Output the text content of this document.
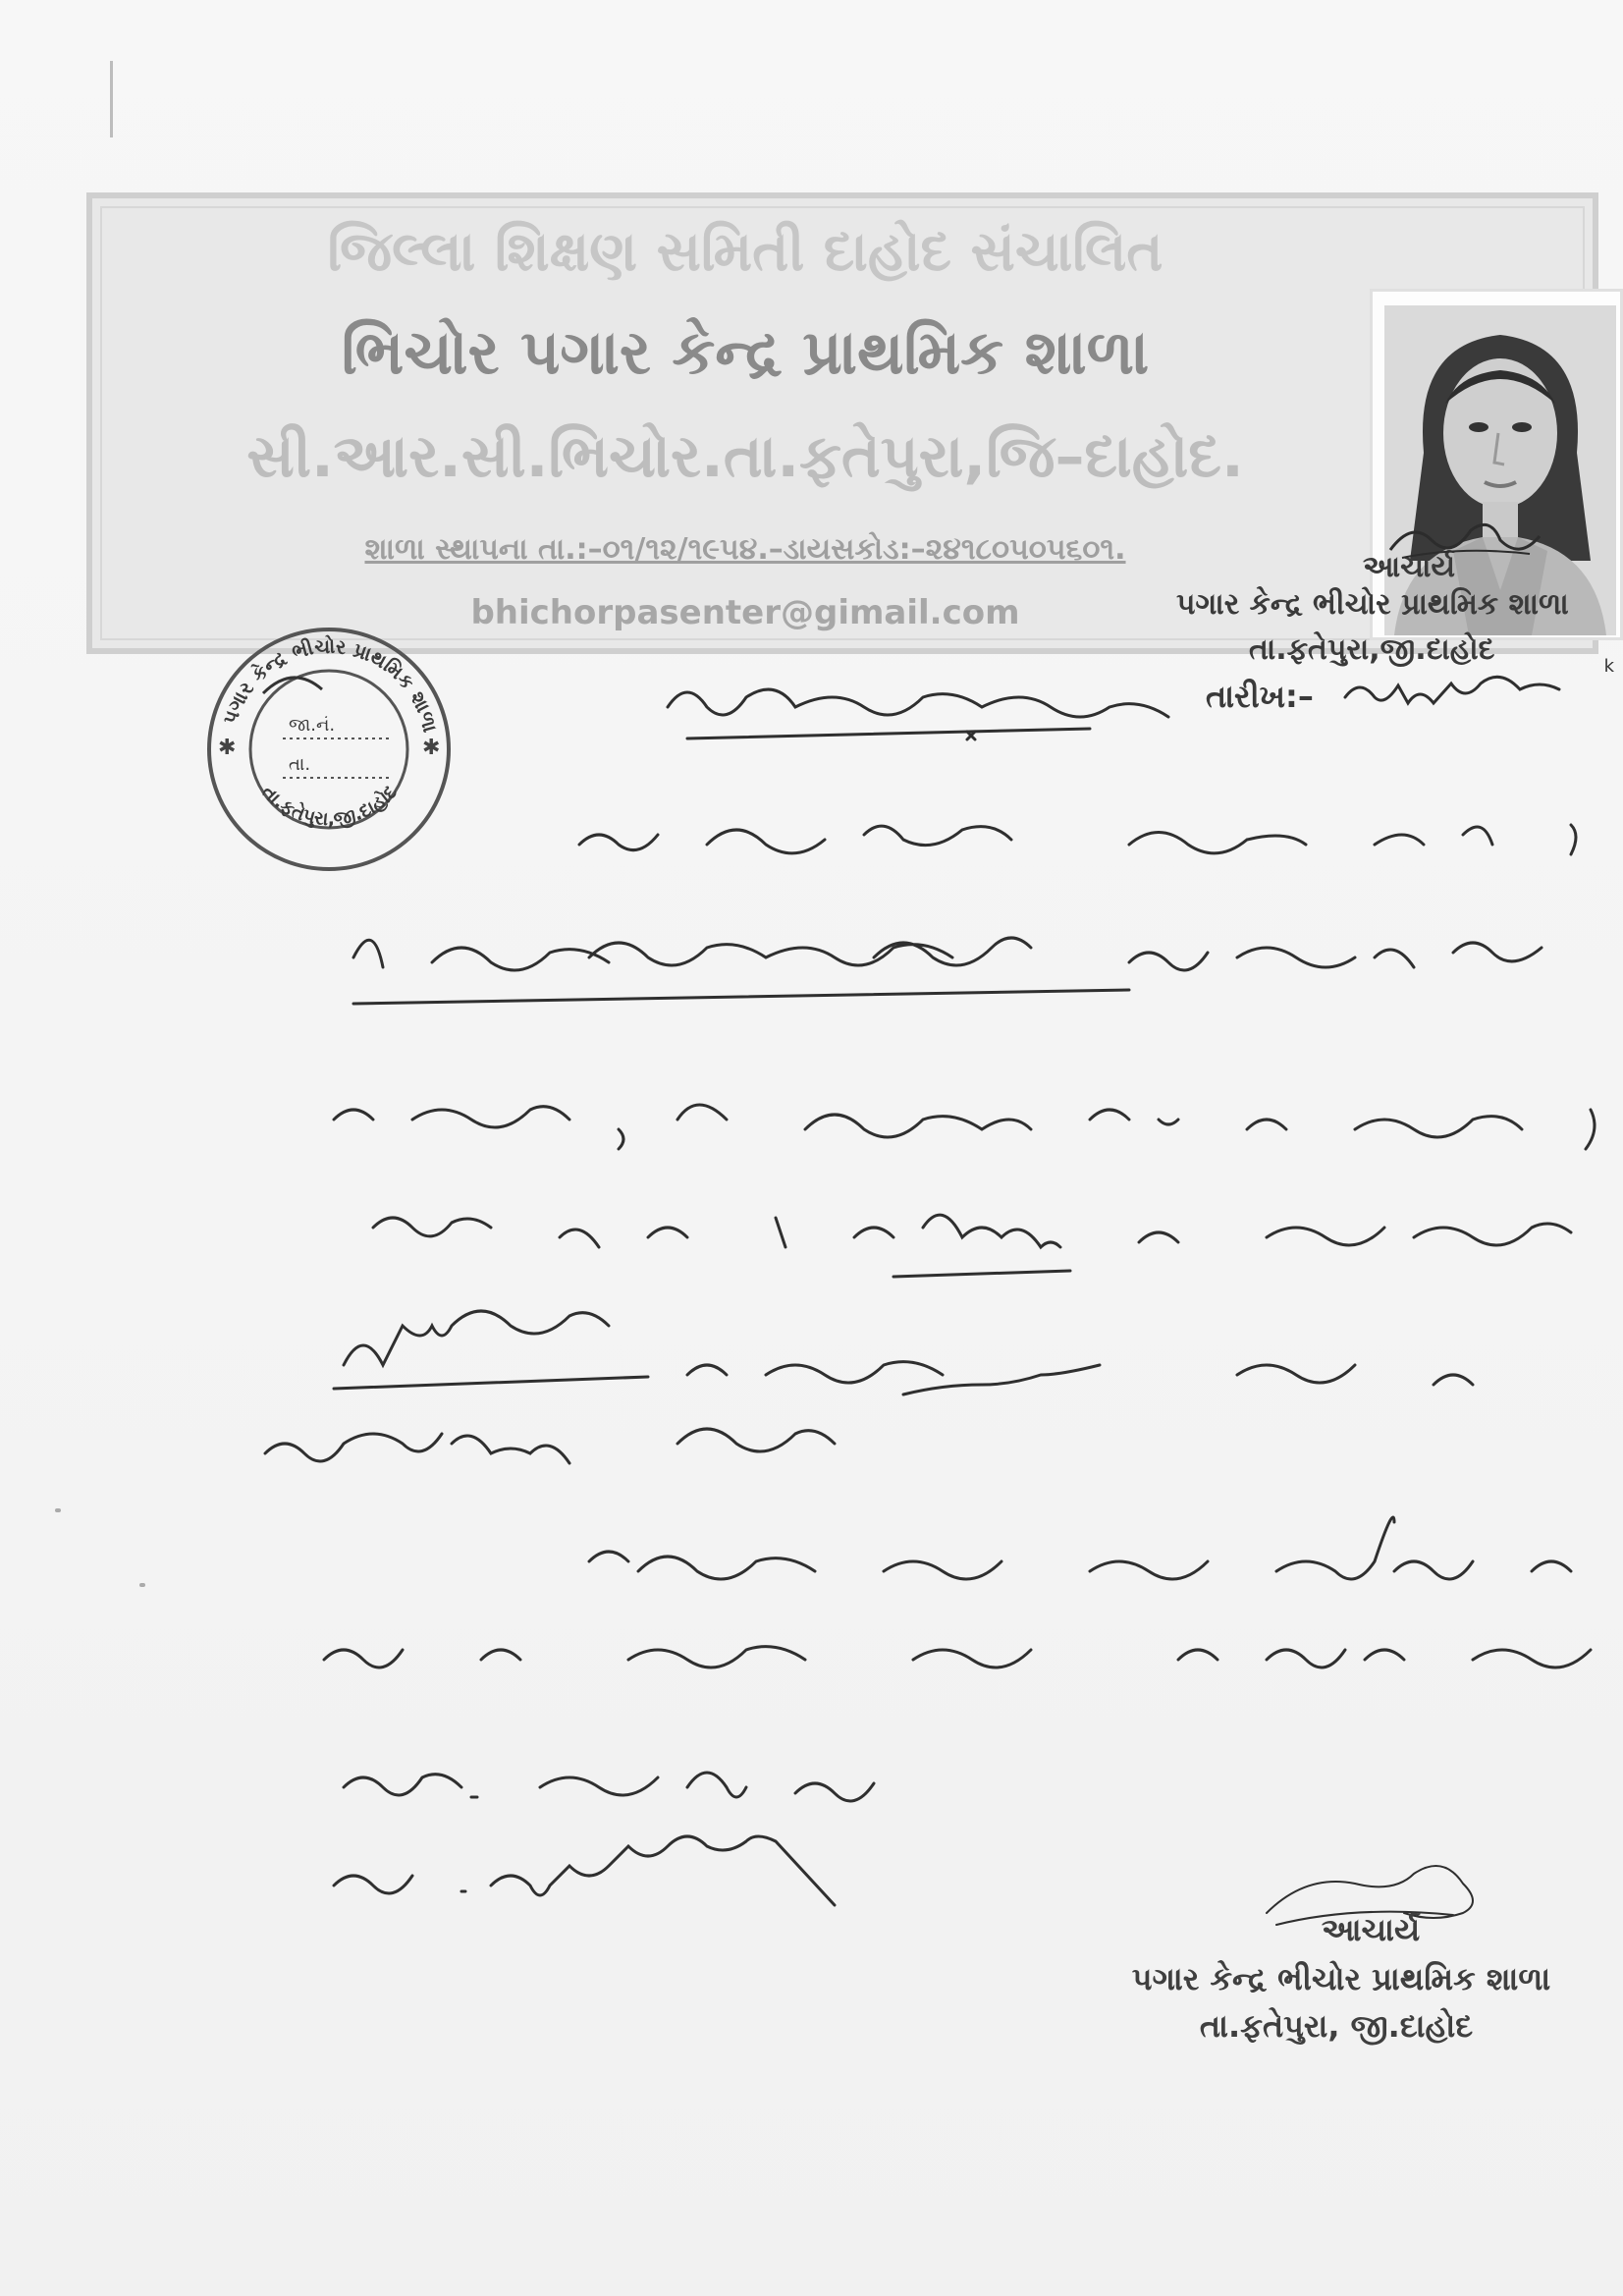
જિલ્લા શિક્ષણ સમિતી દાહોદ સંચાલિત
ભિચોર પગાર કેન્દ્ર પ્રાથમિક શાળા
સી.આર.સી.ભિચોર.તા.ફતેપુરા,જિ–દાહોદ.
શાળા સ્થાપના તા.:–૦૧/૧૨/૧૯૫૪.–ડાયસકોડ:–૨૪૧૮૦૫૦૫૬૦૧.
bhichorpasenter@gimail.com
k
આચાર્ય
પગાર કેન્દ્ર ભીચોર પ્રાથમિક શાળા
તા.ફતેપુરા,જી.દાહોદ
પગાર કેન્દ્ર ભીચોર પ્રાથમિક શાળા
તા.ફતેપુરા,જી.દાહોદ
જા.નં.
તા.
✱	✱
તારીખ:–
આચાર્ય
પગાર કેન્દ્ર ભીચોર પ્રાથમિક શાળા
તા.ફતેપુરા, જી.દાહોદ
